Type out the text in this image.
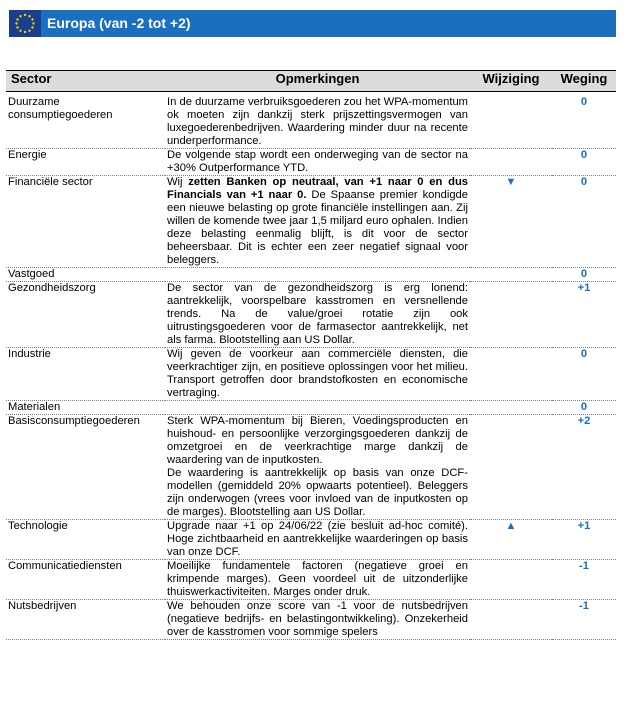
Europa (van -2 tot +2)
Sector	Opmerkingen	Wijziging	Weging

Duurzame consumptiegoederen	In de duurzame verbruiksgoederen zou het WPA-momentum ok moeten zijn dankzij sterk prijszettingsvermogen van luxegoederenbedrijven. Waardering minder duur na recente underperformance.		0
Energie	De volgende stap wordt een onderweging van de sector na +30% Outperformance YTD.		0
Financiële sector	Wij zetten Banken op neutraal, van +1 naar 0 en dus Financials van +1 naar 0. De Spaanse premier kondigde een nieuwe belasting op grote financiële instellingen aan. Zij willen de komende twee jaar 1,5 miljard euro ophalen. Indien deze belasting eenmalig blijft, is dit voor de sector beheersbaar. Dit is echter een zeer negatief signaal voor beleggers.	▼	0
Vastgoed			0
Gezondheidszorg	De sector van de gezondheidszorg is erg lonend: aantrekkelijk, voorspelbare kasstromen en versnellende trends. Na de value/groei rotatie zijn ook uitrustingsgoederen voor de farmasector aantrekkelijk, net als farma. Blootstelling aan US Dollar.		+1
Industrie	Wij geven de voorkeur aan commerciële diensten, die veerkrachtiger zijn, en positieve oplossingen voor het milieu. Transport getroffen door brandstofkosten en economische vertraging.		0
Materialen			0
Basisconsumptiegoederen	Sterk WPA-momentum bij Bieren, Voedingsproducten en huishoud- en persoonlijke verzorgingsgoederen dankzij de omzetgroei en de veerkrachtige marge dankzij de waardering van de inputkosten.
De waardering is aantrekkelijk op basis van onze DCF-modellen (gemiddeld 20% opwaarts potentieel). Beleggers zijn onderwogen (vrees voor invloed van de inputkosten op de marges). Blootstelling aan US Dollar.		+2
Technologie	Upgrade naar +1 op 24/06/22 (zie besluit ad-hoc comité). Hoge zichtbaarheid en aantrekkelijke waarderingen op basis van onze DCF.	▲	+1
Communicatiediensten	Moeilijke fundamentele factoren (negatieve groei en krimpende marges). Geen voordeel uit de uitzonderlijke thuiswerkactiviteiten. Marges onder druk.		-1
Nutsbedrijven	We behouden onze score van -1 voor de nutsbedrijven (negatieve bedrijfs- en belastingontwikkeling). Onzekerheid over de kasstromen voor sommige spelers		-1
